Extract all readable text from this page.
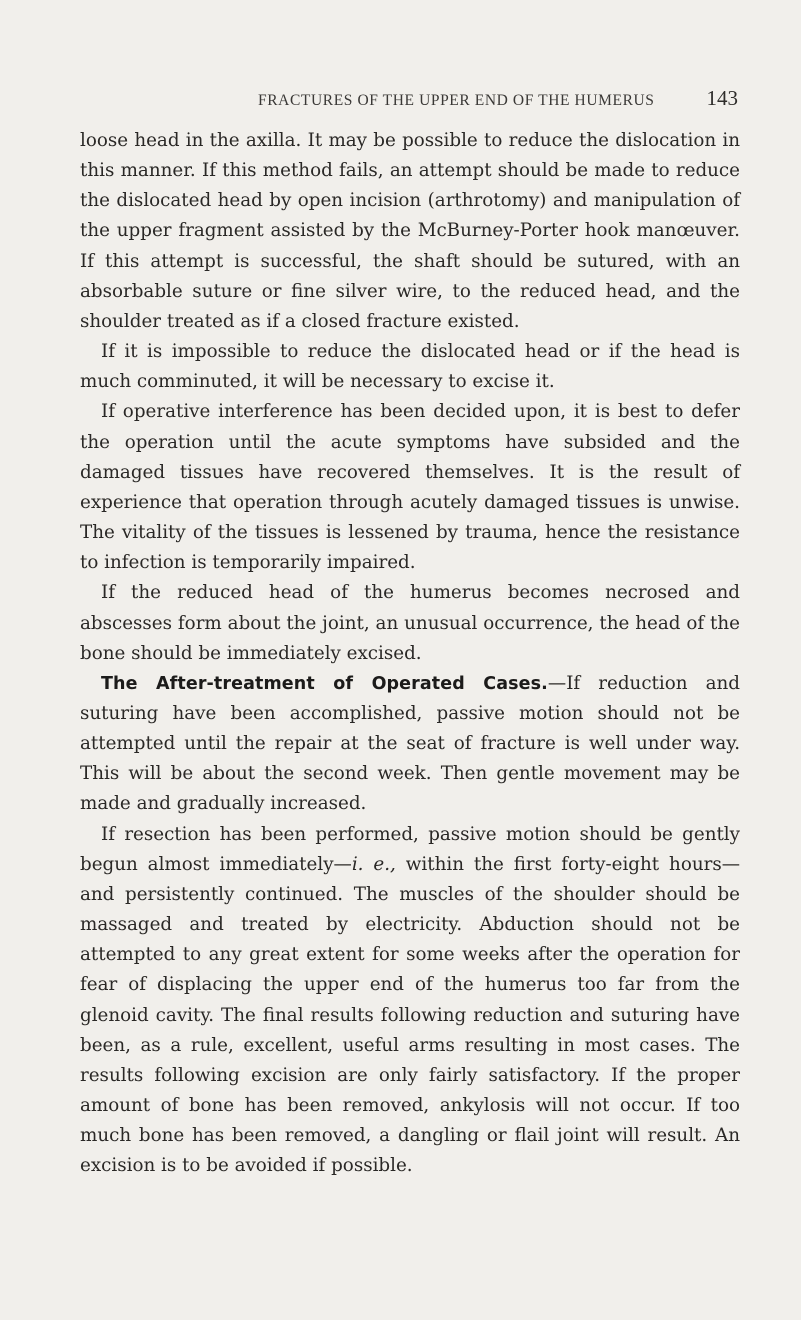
FRACTURES OF THE UPPER END OF THE HUMERUS 143

loose head in the axilla. It may be possible to reduce the dislocation in this manner. If this method fails, an attempt should be made to reduce the dislocated head by open incision (arthrotomy) and manipulation of the upper fragment assisted by the McBurney-Porter hook manœuver. If this attempt is successful, the shaft should be sutured, with an absorbable suture or fine silver wire, to the reduced head, and the shoulder treated as if a closed fracture existed.

If it is impossible to reduce the dislocated head or if the head is much comminuted, it will be necessary to excise it.

If operative interference has been decided upon, it is best to defer the operation until the acute symptoms have subsided and the damaged tissues have recovered themselves. It is the result of experience that operation through acutely damaged tissues is unwise. The vitality of the tissues is lessened by trauma, hence the resistance to infection is temporarily impaired.

If the reduced head of the humerus becomes necrosed and abscesses form about the joint, an unusual occurrence, the head of the bone should be immediately excised.

The After-treatment of Operated Cases.—If reduction and suturing have been accomplished, passive motion should not be attempted until the repair at the seat of fracture is well under way. This will be about the second week. Then gentle movement may be made and gradually increased.

If resection has been performed, passive motion should be gently begun almost immediately—i. e., within the first forty-eight hours—and persistently continued. The muscles of the shoulder should be massaged and treated by electricity. Abduction should not be attempted to any great extent for some weeks after the operation for fear of displacing the upper end of the humerus too far from the glenoid cavity. The final results following reduction and suturing have been, as a rule, excellent, useful arms resulting in most cases. The results following excision are only fairly satisfactory. If the proper amount of bone has been removed, ankylosis will not occur. If too much bone has been removed, a dangling or flail joint will result. An excision is to be avoided if possible.
